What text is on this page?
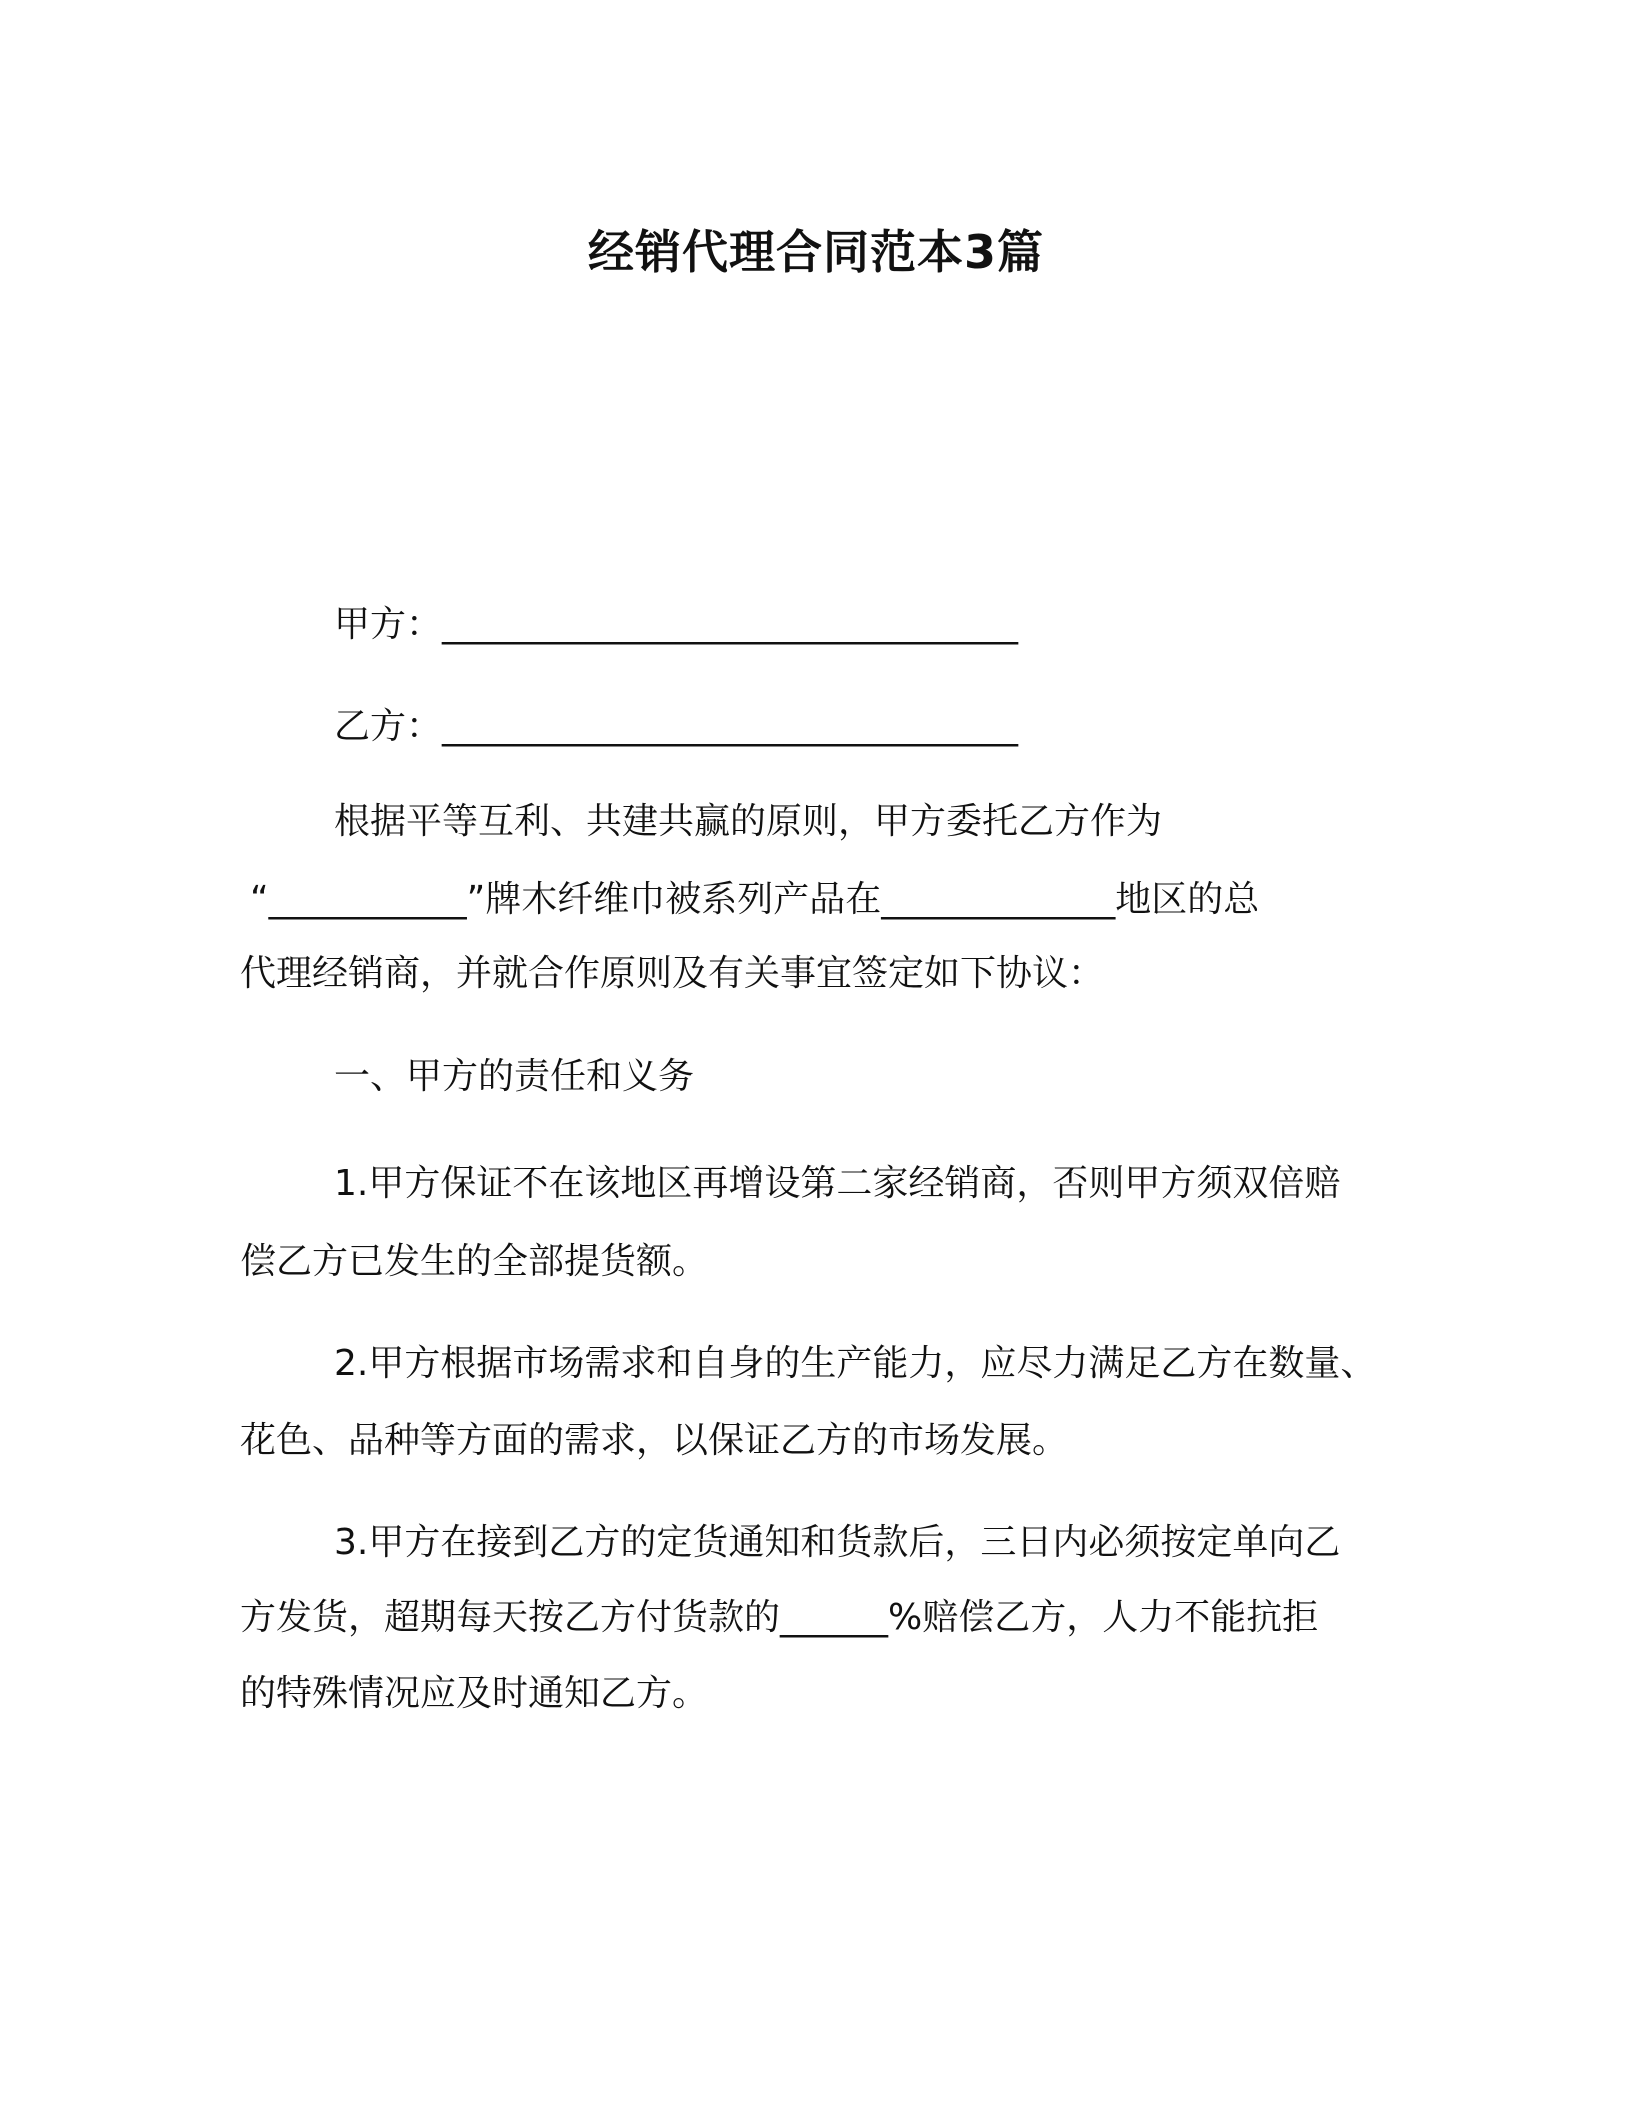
经销代理合同范本3篇
甲方：________________________________
乙方：________________________________
根据平等互利、共建共赢的原则，甲方委托乙方作为
“___________”牌木纤维巾被系列产品在_____________地区的总
代理经销商，并就合作原则及有关事宜签定如下协议：
一、甲方的责任和义务
1.甲方保证不在该地区再增设第二家经销商，否则甲方须双倍赔
偿乙方已发生的全部提货额。
2.甲方根据市场需求和自身的生产能力，应尽力满足乙方在数量、
花色、品种等方面的需求，以保证乙方的市场发展。
3.甲方在接到乙方的定货通知和货款后，三日内必须按定单向乙
方发货，超期每天按乙方付货款的______%赔偿乙方，人力不能抗拒
的特殊情况应及时通知乙方。
